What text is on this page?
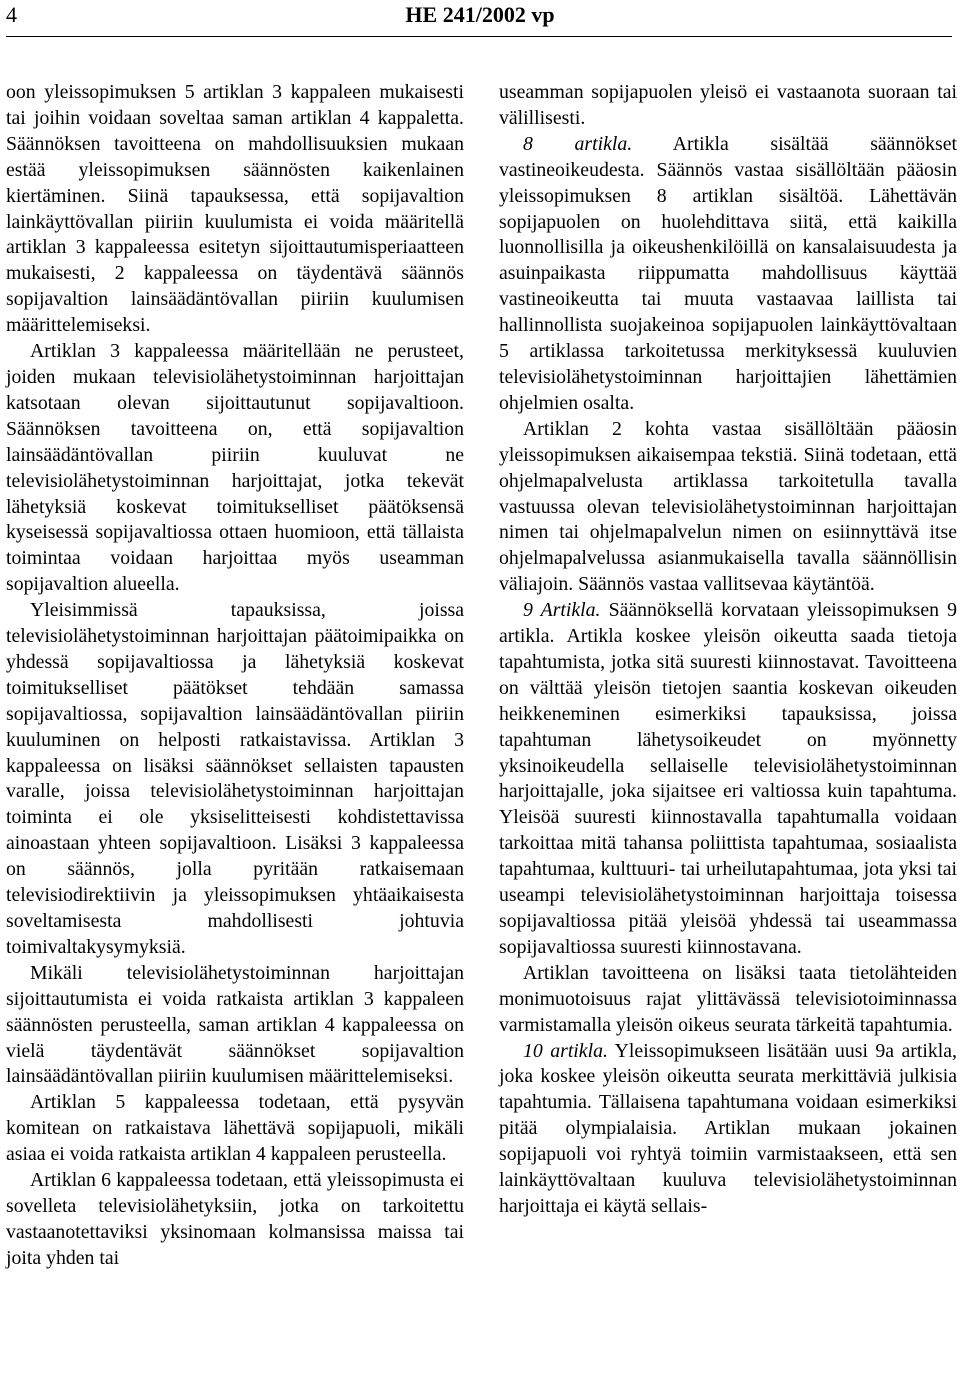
4	HE 241/2002 vp

oon yleissopimuksen 5 artiklan 3 kappaleen mukaisesti tai joihin voidaan soveltaa saman artiklan 4 kappaletta. Säännöksen tavoitteena on mahdollisuuksien mukaan estää yleissopimuksen säännösten kaikenlainen kiertäminen. Siinä tapauksessa, että sopijavaltion lainkäyttövallan piiriin kuulumista ei voida määritellä artiklan 3 kappaleessa esitetyn sijoittautumisperiaatteen mukaisesti, 2 kappaleessa on täydentävä säännös sopijavaltion lainsäädäntövallan piiriin kuulumisen määrittelemiseksi.

Artiklan 3 kappaleessa määritellään ne perusteet, joiden mukaan televisiolähetystoiminnan harjoittajan katsotaan olevan sijoittautunut sopijavaltioon. Säännöksen tavoitteena on, että sopijavaltion lainsäädäntövallan piiriin kuuluvat ne televisiolähetystoiminnan harjoittajat, jotka tekevät lähetyksiä koskevat toimitukselliset päätöksensä kyseisessä sopijavaltiossa ottaen huomioon, että tällaista toimintaa voidaan harjoittaa myös useamman sopijavaltion alueella.

Yleisimmissä tapauksissa, joissa televisiolähetystoiminnan harjoittajan päätoimipaikka on yhdessä sopijavaltiossa ja lähetyksiä koskevat toimitukselliset päätökset tehdään samassa sopijavaltiossa, sopijavaltion lainsäädäntövallan piiriin kuuluminen on helposti ratkaistavissa. Artiklan 3 kappaleessa on lisäksi säännökset sellaisten tapausten varalle, joissa televisiolähetystoiminnan harjoittajan toiminta ei ole yksiselitteisesti kohdistettavissa ainoastaan yhteen sopijavaltioon. Lisäksi 3 kappaleessa on säännös, jolla pyritään ratkaisemaan televisiodirektiivin ja yleissopimuksen yhtäaikaisesta soveltamisesta mahdollisesti johtuvia toimivaltakysymyksiä.

Mikäli televisiolähetystoiminnan harjoittajan sijoittautumista ei voida ratkaista artiklan 3 kappaleen säännösten perusteella, saman artiklan 4 kappaleessa on vielä täydentävät säännökset sopijavaltion lainsäädäntövallan piiriin kuulumisen määrittelemiseksi.

Artiklan 5 kappaleessa todetaan, että pysyvän komitean on ratkaistava lähettävä sopijapuoli, mikäli asiaa ei voida ratkaista artiklan 4 kappaleen perusteella.

Artiklan 6 kappaleessa todetaan, että yleissopimusta ei sovelleta televisiolähetyksiin, jotka on tarkoitettu vastaanotettaviksi yksinomaan kolmansissa maissa tai joita yhden tai

useamman sopijapuolen yleisö ei vastaanota suoraan tai välillisesti.

8 artikla. Artikla sisältää säännökset vastineoikeudesta. Säännös vastaa sisällöltään pääosin yleissopimuksen 8 artiklan sisältöä. Lähettävän sopijapuolen on huolehdittava siitä, että kaikilla luonnollisilla ja oikeushenkilöillä on kansalaisuudesta ja asuinpaikasta riippumatta mahdollisuus käyttää vastineoikeutta tai muuta vastaavaa laillista tai hallinnollista suojakeinoa sopijapuolen lainkäyttövaltaan 5 artiklassa tarkoitetussa merkityksessä kuuluvien televisiolähetystoiminnan harjoittajien lähettämien ohjelmien osalta.

Artiklan 2 kohta vastaa sisällöltään pääosin yleissopimuksen aikaisempaa tekstiä. Siinä todetaan, että ohjelmapalvelusta artiklassa tarkoitetulla tavalla vastuussa olevan televisiolähetystoiminnan harjoittajan nimen tai ohjelmapalvelun nimen on esiinnyttävä itse ohjelmapalvelussa asianmukaisella tavalla säännöllisin väliajoin. Säännös vastaa vallitsevaa käytäntöä.

9 Artikla. Säännöksellä korvataan yleissopimuksen 9 artikla. Artikla koskee yleisön oikeutta saada tietoja tapahtumista, jotka sitä suuresti kiinnostavat. Tavoitteena on välttää yleisön tietojen saantia koskevan oikeuden heikkeneminen esimerkiksi tapauksissa, joissa tapahtuman lähetysoikeudet on myönnetty yksinoikeudella sellaiselle televisiolähetystoiminnan harjoittajalle, joka sijaitsee eri valtiossa kuin tapahtuma. Yleisöä suuresti kiinnostavalla tapahtumalla voidaan tarkoittaa mitä tahansa poliittista tapahtumaa, sosiaalista tapahtumaa, kulttuuri- tai urheilutapahtumaa, jota yksi tai useampi televisiolähetystoiminnan harjoittaja toisessa sopijavaltiossa pitää yleisöä yhdessä tai useammassa sopijavaltiossa suuresti kiinnostavana.

Artiklan tavoitteena on lisäksi taata tietolähteiden monimuotoisuus rajat ylittävässä televisiotoiminnassa varmistamalla yleisön oikeus seurata tärkeitä tapahtumia.

10 artikla. Yleissopimukseen lisätään uusi 9a artikla, joka koskee yleisön oikeutta seurata merkittäviä julkisia tapahtumia. Tällaisena tapahtumana voidaan esimerkiksi pitää olympialaisia. Artiklan mukaan jokainen sopijapuoli voi ryhtyä toimiin varmistaakseen, että sen lainkäyttövaltaan kuuluva televisiolähetystoiminnan harjoittaja ei käytä sellais-
